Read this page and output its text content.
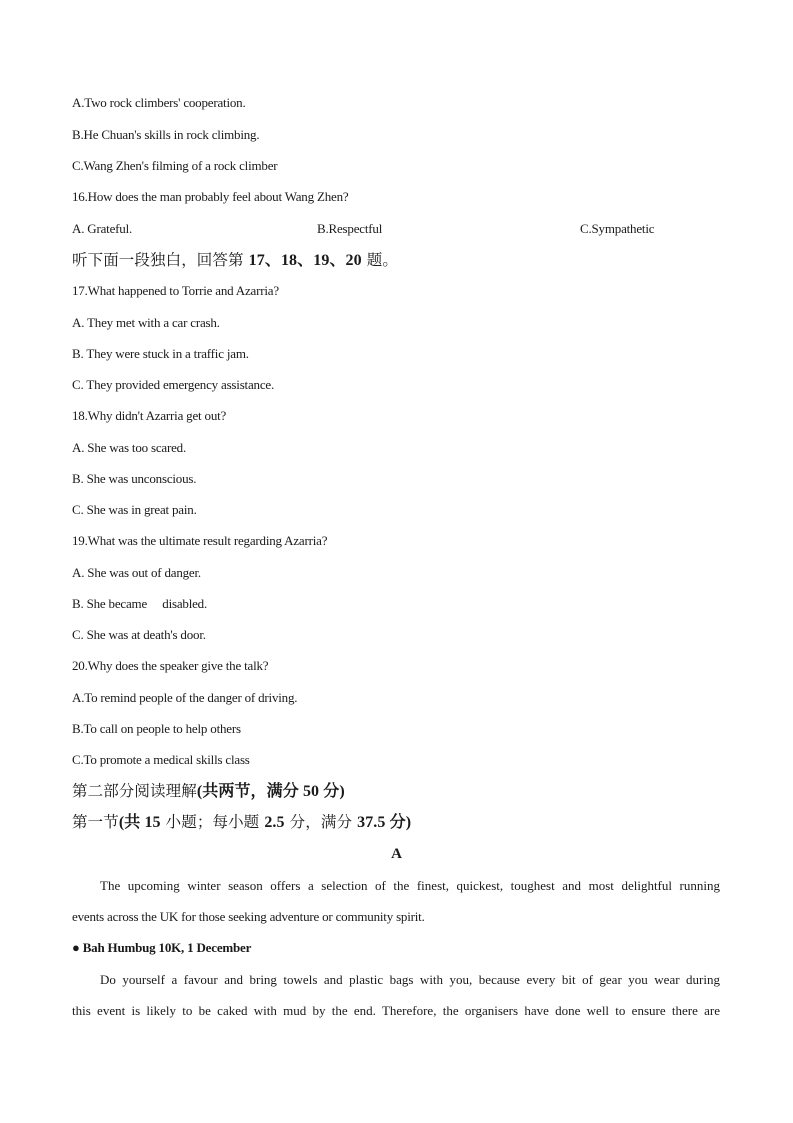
A.Two rock climbers' cooperation.
B.He Chuan's skills in rock climbing.
C.Wang Zhen's filming of a rock climber
16.How does the man probably feel about Wang Zhen?
A. Grateful.	B.Respectful	C.Sympathetic
听下面一段独白，回答第 17、18、19、20 题。
17.What happened to Torrie and Azarria?
A. They met with a car crash.
B. They were stuck in a traffic jam.
C. They provided emergency assistance.
18.Why didn't Azarria get out?
A. She was too scared.
B. She was unconscious.
C. She was in great pain.
19.What was the ultimate result regarding Azarria?
A. She was out of danger.
B. She became     disabled.
C. She was at death's door.
20.Why does the speaker give the talk?
A.To remind people of the danger of driving.
B.To call on people to help others
C.To promote a medical skills class
第二部分阅读理解(共两节，满分 50 分)
第一节(共 15 小题；每小题 2.5 分，满分 37.5 分)
A
The upcoming winter season offers a selection of the finest, quickest, toughest and most delightful running
events across the UK for those seeking adventure or community spirit.
● Bah Humbug 10K, 1 December
Do yourself a favour and bring towels and plastic bags with you, because every bit of gear you wear during
this event is likely to be caked with mud by the end. Therefore, the organisers have done well to ensure there are
